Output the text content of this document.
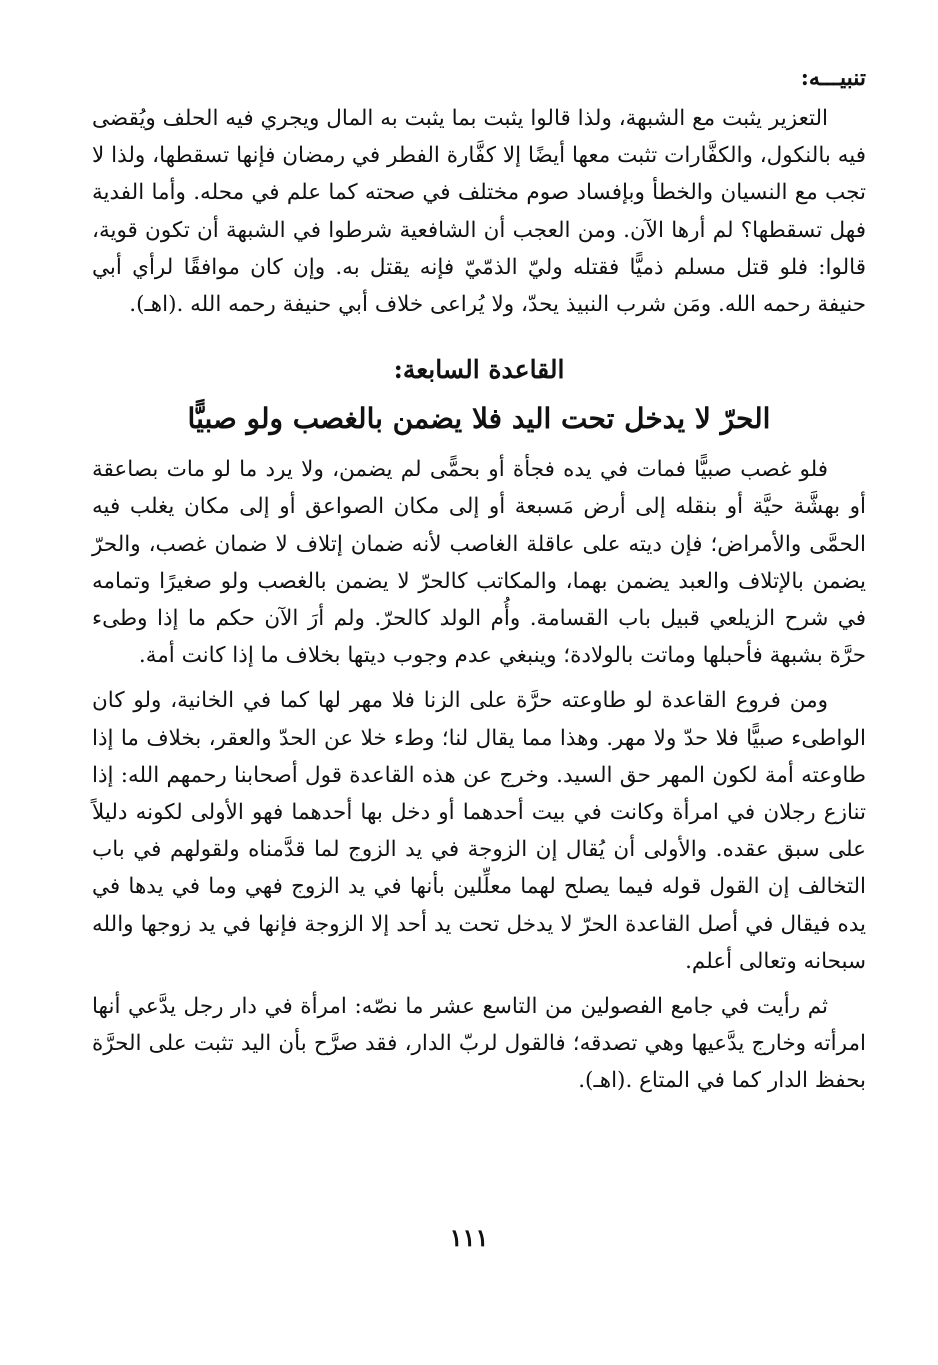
تنبيـــه:

التعزير يثبت مع الشبهة، ولذا قالوا يثبت بما يثبت به المال ويجري فيه الحلف ويُقضى فيه بالنكول، والكفَّارات تثبت معها أيضًا إلا كفَّارة الفطر في رمضان فإنها تسقطها، ولذا لا تجب مع النسيان والخطأ وبإفساد صوم مختلف في صحته كما علم في محله. وأما الفدية فهل تسقطها؟ لم أرها الآن. ومن العجب أن الشافعية شرطوا في الشبهة أن تكون قوية، قالوا: فلو قتل مسلم ذميًّا فقتله وليّ الذمّيّ فإنه يقتل به. وإن كان موافقًا لرأي أبي حنيفة رحمه الله. ومَن شرب النبيذ يحدّ، ولا يُراعى خلاف أبي حنيفة رحمه الله .(اهـ).

القاعدة السابعة:
الحرّ لا يدخل تحت اليد فلا يضمن بالغصب ولو صبيًّا

فلو غصب صبيًّا فمات في يده فجأة أو بحمًّى لم يضمن، ولا يرد ما لو مات بصاعقة أو بهشَّة حيَّة أو بنقله إلى أرض مَسبعة أو إلى مكان الصواعق أو إلى مكان يغلب فيه الحمَّى والأمراض؛ فإن ديته على عاقلة الغاصب لأنه ضمان إتلاف لا ضمان غصب، والحرّ يضمن بالإتلاف والعبد يضمن بهما، والمكاتب كالحرّ لا يضمن بالغصب ولو صغيرًا وتمامه في شرح الزيلعي قبيل باب القسامة. وأُم الولد كالحرّ. ولم أرَ الآن حكم ما إذا وطىء حرَّة بشبهة فأحبلها وماتت بالولادة؛ وينبغي عدم وجوب ديتها بخلاف ما إذا كانت أمة.

ومن فروع القاعدة لو طاوعته حرَّة على الزنا فلا مهر لها كما في الخانية، ولو كان الواطىء صبيًّا فلا حدّ ولا مهر. وهذا مما يقال لنا؛ وطء خلا عن الحدّ والعقر، بخلاف ما إذا طاوعته أمة لكون المهر حق السيد. وخرج عن هذه القاعدة قول أصحابنا رحمهم الله: إذا تنازع رجلان في امرأة وكانت في بيت أحدهما أو دخل بها أحدهما فهو الأولى لكونه دليلاً على سبق عقده. والأولى أن يُقال إن الزوجة في يد الزوج لما قدَّمناه ولقولهم في باب التخالف إن القول قوله فيما يصلح لهما معلِّلين بأنها في يد الزوج فهي وما في يدها في يده فيقال في أصل القاعدة الحرّ لا يدخل تحت يد أحد إلا الزوجة فإنها في يد زوجها والله سبحانه وتعالى أعلم.

ثم رأيت في جامع الفصولين من التاسع عشر ما نصّه: امرأة في دار رجل يدَّعي أنها امرأته وخارج يدَّعيها وهي تصدقه؛ فالقول لربّ الدار، فقد صرَّح بأن اليد تثبت على الحرَّة بحفظ الدار كما في المتاع .(اهـ).

١١١
